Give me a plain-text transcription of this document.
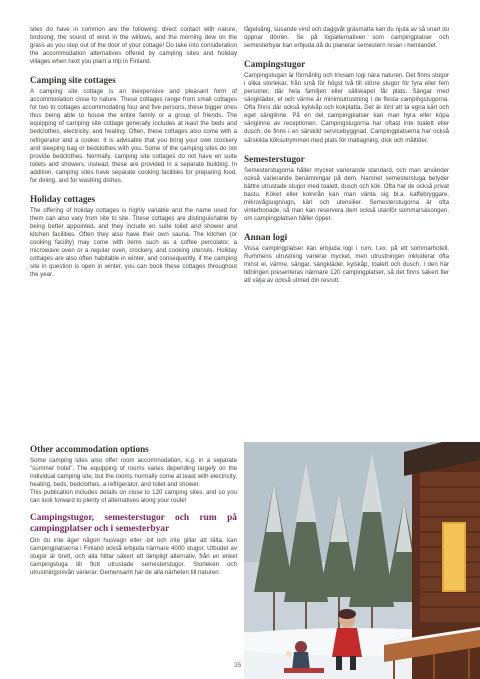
sites do have in common are the following: direct contact with nature, birdsong, the sound of wind in the willows, and the morning dew on the grass as you step out of the door of your cottage! Do take into consideration the accommodation alternatives offered by camping sites and holiday villages when next you plant a trip in Finland.

Camping site cottages

A camping site cottage is an inexpensive and pleasant form of accommodation close to nature. These cottages range from small cottages for two to cottages accommodating four and five persons, these bigger ones thus being able to house the entire family or a group of friends. The equipping of camping site cottage generally includes at least the beds and bedclothes, electricity, and heating. Often, these cottages also come with a refrigerator and a cooker. It is advisable that you bring your own crockery and sleeping bag or bedclothes with you. Some of the camping sites do not provide bedclothes. Normally, camping site cottages do not have en suite toilets and showers; instead, these are provided in a separate building. In addition, camping sites have separate cooking facilities for preparing food, for dining, and for washing dishes.

Holiday cottages

The offering of holiday cottages is highly variable and the name used for them can also vary from site to site. These cottages are distinguishable by being better appointed, and they include en suite toilet and shower and kitchen facilities. Often they also have their own sauna. The kitchen (or cooking facility) may come with items such as a coffee percolator, a microwave oven or a regular oven, crockery, and cooking utensils. Holiday cottages are also often habitable in winter, and consequently, if the camping site in question is open in winter, you can book these cottages throughout the year.

Other accommodation options

Some camping sites also offer room accommodation, e.g. in a separate "summer hotel". The equipping of rooms varies depending largely on the individual camping site, but the rooms normally come at least with electricity, heating, beds, bedclothes, a refrigerator, and toilet and shower.

This publication includes details on close to 120 camping sites, and so you can look forward to plenty of alternatives along your route!

Campingstugor, semesterstugor och rum på campingplatser och i semesterbyar

Om du inte äger någon husvagn eller -bil och inte gillar att tälta, kan campingplatserna i Finland också erbjuda närmare 4000 stugor. Utbudet av stugor är brett, och alla hittar säkert ett lämpligt alternativ, från en enkel campingstuga till flott utrustade semesterstugor. Storleken och utrustningsnivån varierar. Gemensamt har de alla närheten till naturen:

fågelsång, susande vind och daggvåt gräsmatta kan du njuta av så snart du öppnar dörren. Se på logialternativen som campingplatser och semesterbyar kan erbjuda då du planerar semestern resan i hemlandet.

Campingstugor

Campingstugan är förmånlig och trivsam logi nära naturen. Det finns stugor i olika storlekar, från små för högst två till större stugor för fyra eller fem personer, där hela familjen eller sällskapet får plats. Sängar med sängkläder, el och värme är minimiutrustning i de flesta campingstugorna. Ofta finns där också kylskåp och kokplatta. Det är lönt att ta egna kärl och eget sänglinne. På en del campingplatser kan man hyra eller köpa sänglinne av receptionen. Campingstugorna har oftast inte toalett eller dusch; de finns i en särskild servicebyggnad. Campingplatserna har också särskilda köksutrymmen med plats för matlagning, disk och måltider.

Semesterstugor

Semesterstugorna håller mycket varierande standard, och man använder också varierande benämningar på dem. Namnet semesterstuga betyder bättre utrustade stugor med toalett, dusch och kök. Ofta har de också privat bastu. Köket eller kokvrån kan man vänta sig bl.a. kaffebryggare, mikrovågsugn/ugn, kärl och utensilier. Semesterstugorna är ofta vinterbonade, så man kan reservera dem också utanför sommarsäsongen, om campingplatsen håller öppet.

Annan logi

Vissa campingplatser kan erbjuda logi i rum, t.ex. på ett sommarhotell. Rummens utrustning varierar mycket, men utrustningen inkluderar ofta minst el, värme, sängar, sängkläder, kylskåp, toalett och dusch. I den här tidningen presenteras närmare 120 campingplatser, så det finns säkert fler att välja av också utmed din resrutt.

35
